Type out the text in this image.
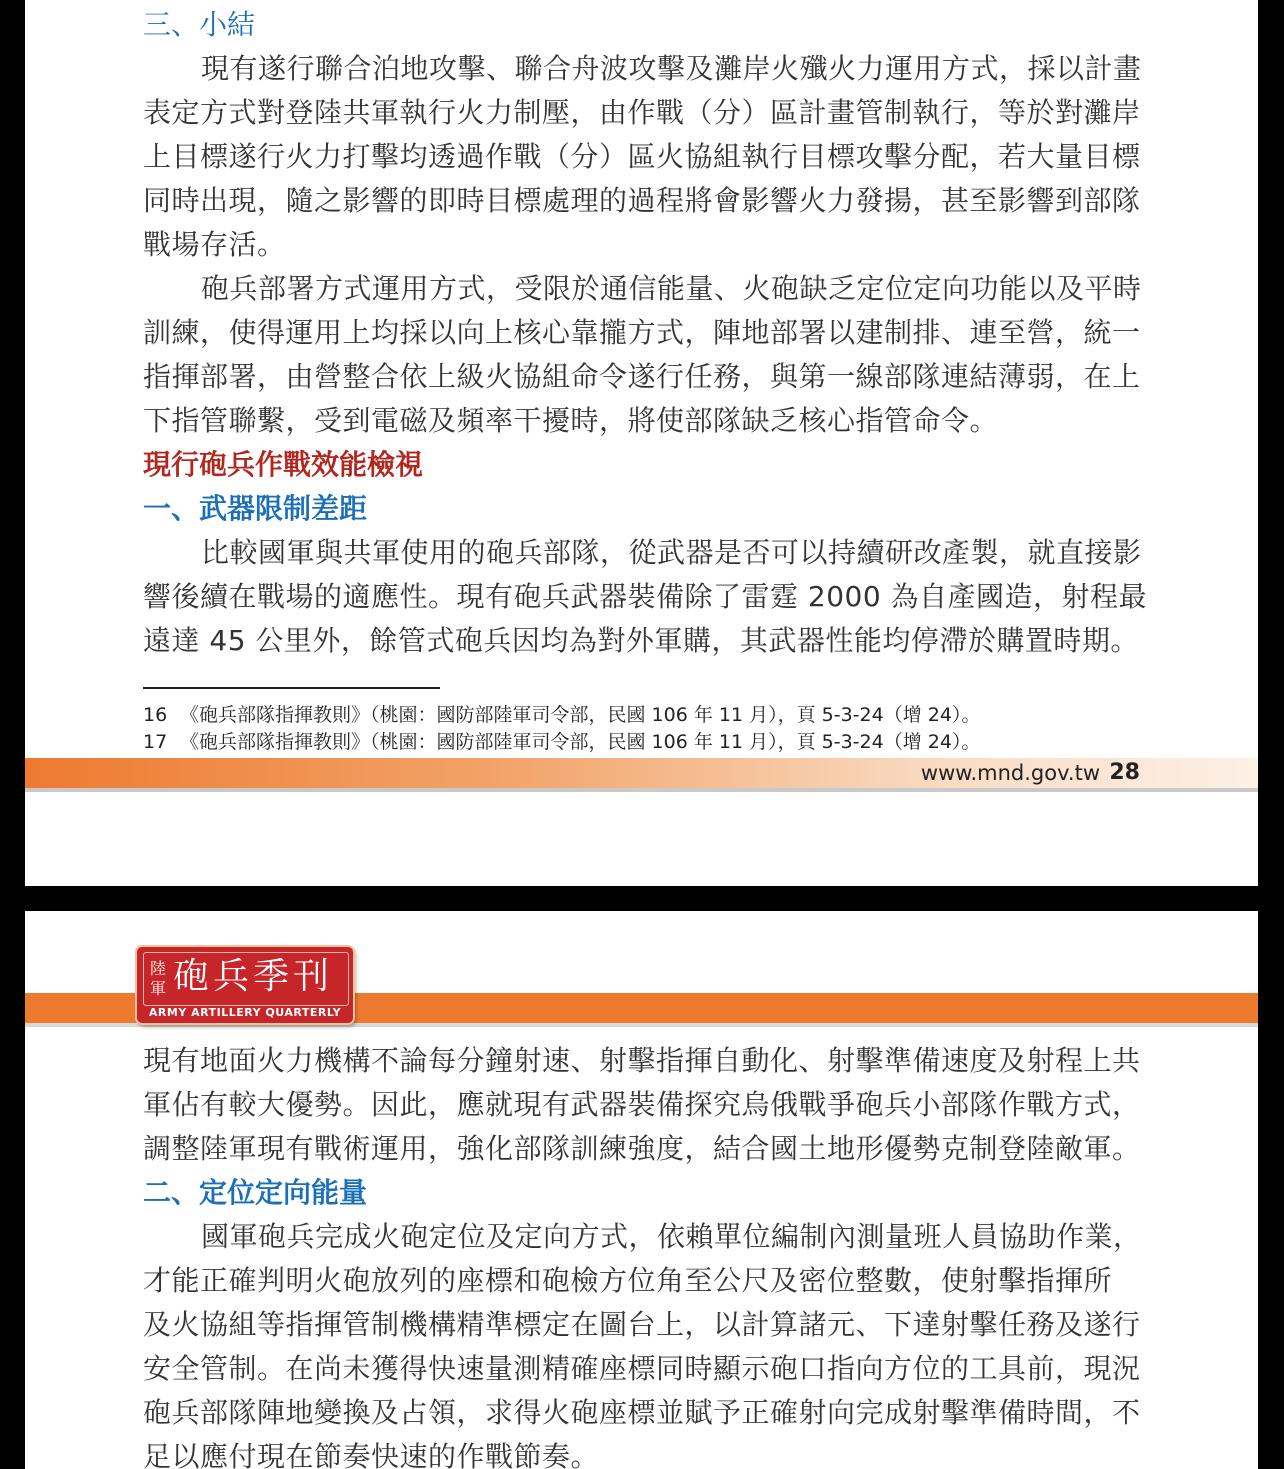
三、小結
現有遂行聯合泊地攻擊、聯合舟波攻擊及灘岸火殲火力運用方式，採以計畫
表定方式對登陸共軍執行火力制壓，由作戰（分）區計畫管制執行，等於對灘岸
上目標遂行火力打擊均透過作戰（分）區火協組執行目標攻擊分配，若大量目標
同時出現，隨之影響的即時目標處理的過程將會影響火力發揚，甚至影響到部隊
戰場存活。
砲兵部署方式運用方式，受限於通信能量、火砲缺乏定位定向功能以及平時
訓練，使得運用上均採以向上核心靠攏方式，陣地部署以建制排、連至營，統一
指揮部署，由營整合依上級火協組命令遂行任務，與第一線部隊連結薄弱，在上
下指管聯繫，受到電磁及頻率干擾時，將使部隊缺乏核心指管命令。
現行砲兵作戰效能檢視
一、武器限制差距
比較國軍與共軍使用的砲兵部隊，從武器是否可以持續研改產製，就直接影
響後續在戰場的適應性。現有砲兵武器裝備除了雷霆 2000 為自產國造，射程最
遠達 45 公里外，餘管式砲兵因均為對外軍購，其武器性能均停滯於購置時期。
16 《砲兵部隊指揮教則》（桃園：國防部陸軍司令部，民國 106 年 11 月），頁 5-3-24（增 24）。
17 《砲兵部隊指揮教則》（桃園：國防部陸軍司令部，民國 106 年 11 月），頁 5-3-24（增 24）。
www.mnd.gov.tw 28
陸
軍 砲兵季刊
ARMY ARTILLERY QUARTERLY
現有地面火力機構不論每分鐘射速、射擊指揮自動化、射擊準備速度及射程上共
軍佔有較大優勢。因此，應就現有武器裝備探究烏俄戰爭砲兵小部隊作戰方式，
調整陸軍現有戰術運用，強化部隊訓練強度，結合國土地形優勢克制登陸敵軍。
二、定位定向能量
國軍砲兵完成火砲定位及定向方式，依賴單位編制內測量班人員協助作業，
才能正確判明火砲放列的座標和砲檢方位角至公尺及密位整數，使射擊指揮所
及火協組等指揮管制機構精準標定在圖台上，以計算諸元、下達射擊任務及遂行
安全管制。在尚未獲得快速量測精確座標同時顯示砲口指向方位的工具前，現況
砲兵部隊陣地變換及占領，求得火砲座標並賦予正確射向完成射擊準備時間，不
足以應付現在節奏快速的作戰節奏。
